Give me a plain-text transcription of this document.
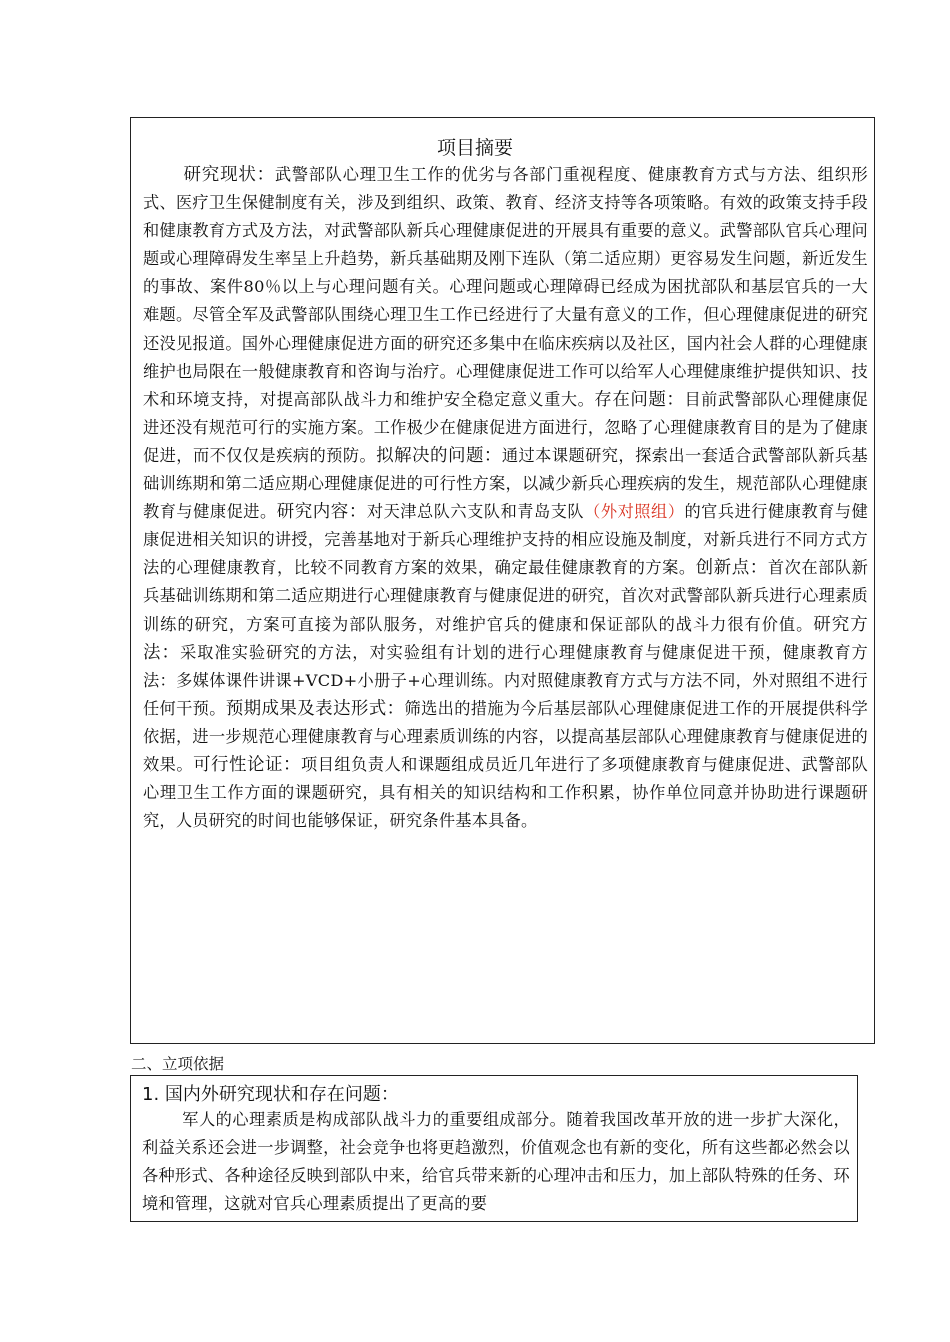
项目摘要
研究现状：武警部队心理卫生工作的优劣与各部门重视程度、健康教育方式与方法、组织形式、医疗卫生保健制度有关，涉及到组织、政策、教育、经济支持等各项策略。有效的政策支持手段和健康教育方式及方法，对武警部队新兵心理健康促进的开展具有重要的意义。武警部队官兵心理问题或心理障碍发生率呈上升趋势，新兵基础期及刚下连队（第二适应期）更容易发生问题，新近发生的事故、案件80％以上与心理问题有关。心理问题或心理障碍已经成为困扰部队和基层官兵的一大难题。尽管全军及武警部队围绕心理卫生工作已经进行了大量有意义的工作，但心理健康促进的研究还没见报道。国外心理健康促进方面的研究还多集中在临床疾病以及社区，国内社会人群的心理健康维护也局限在一般健康教育和咨询与治疗。心理健康促进工作可以给军人心理健康维护提供知识、技术和环境支持，对提高部队战斗力和维护安全稳定意义重大。存在问题：目前武警部队心理健康促进还没有规范可行的实施方案。工作极少在健康促进方面进行，忽略了心理健康教育目的是为了健康促进，而不仅仅是疾病的预防。拟解决的问题：通过本课题研究，探索出一套适合武警部队新兵基础训练期和第二适应期心理健康促进的可行性方案，以减少新兵心理疾病的发生，规范部队心理健康教育与健康促进。研究内容：对天津总队六支队和青岛支队（外对照组）的官兵进行健康教育与健康促进相关知识的讲授，完善基地对于新兵心理维护支持的相应设施及制度，对新兵进行不同方式方法的心理健康教育，比较不同教育方案的效果，确定最佳健康教育的方案。创新点：首次在部队新兵基础训练期和第二适应期进行心理健康教育与健康促进的研究，首次对武警部队新兵进行心理素质训练的研究，方案可直接为部队服务，对维护官兵的健康和保证部队的战斗力很有价值。研究方法：采取准实验研究的方法，对实验组有计划的进行心理健康教育与健康促进干预，健康教育方法：多媒体课件讲课+VCD+小册子+心理训练。内对照健康教育方式与方法不同，外对照组不进行任何干预。预期成果及表达形式：筛选出的措施为今后基层部队心理健康促进工作的开展提供科学依据，进一步规范心理健康教育与心理素质训练的内容，以提高基层部队心理健康教育与健康促进的效果。可行性论证：项目组负责人和课题组成员近几年进行了多项健康教育与健康促进、武警部队心理卫生工作方面的课题研究，具有相关的知识结构和工作积累，协作单位同意并协助进行课题研究，人员研究的时间也能够保证，研究条件基本具备。
二、立项依据
1. 国内外研究现状和存在问题：
军人的心理素质是构成部队战斗力的重要组成部分。随着我国改革开放的进一步扩大深化，利益关系还会进一步调整，社会竞争也将更趋激烈，价值观念也有新的变化，所有这些都必然会以各种形式、各种途径反映到部队中来，给官兵带来新的心理冲击和压力，加上部队特殊的任务、环境和管理，这就对官兵心理素质提出了更高的要
